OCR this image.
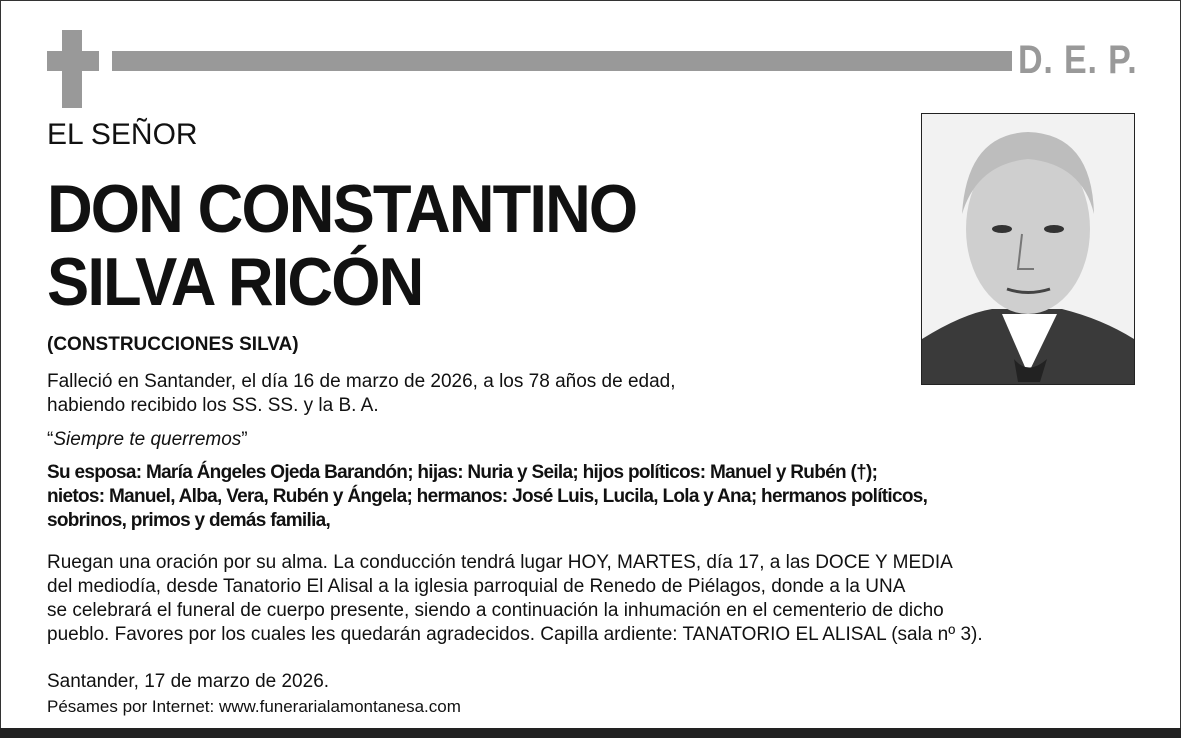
D. E. P.
EL SEÑOR
DON CONSTANTINO
SILVA RICÓN
(CONSTRUCCIONES SILVA)
Falleció en Santander, el día 16 de marzo de 2026, a los 78 años de edad,
habiendo recibido los SS. SS. y la B. A.
“Siempre te querremos”
Su esposa: María Ángeles Ojeda Barandón; hijas: Nuria y Seila; hijos políticos: Manuel y Rubén (†);
nietos: Manuel, Alba, Vera, Rubén y Ángela; hermanos: José Luis, Lucila, Lola y Ana; hermanos políticos,
sobrinos, primos y demás familia,
Ruegan una oración por su alma. La conducción tendrá lugar HOY, MARTES, día 17, a las DOCE Y MEDIA
del mediodía, desde Tanatorio El Alisal a la iglesia parroquial de Renedo de Piélagos, donde a la UNA
se celebrará el funeral de cuerpo presente, siendo a continuación la inhumación en el cementerio de dicho
pueblo. Favores por los cuales les quedarán agradecidos. Capilla ardiente: TANATORIO EL ALISAL (sala nº 3).
Santander, 17 de marzo de 2026.
Pésames por Internet: www.funerarialamontanesa.com
